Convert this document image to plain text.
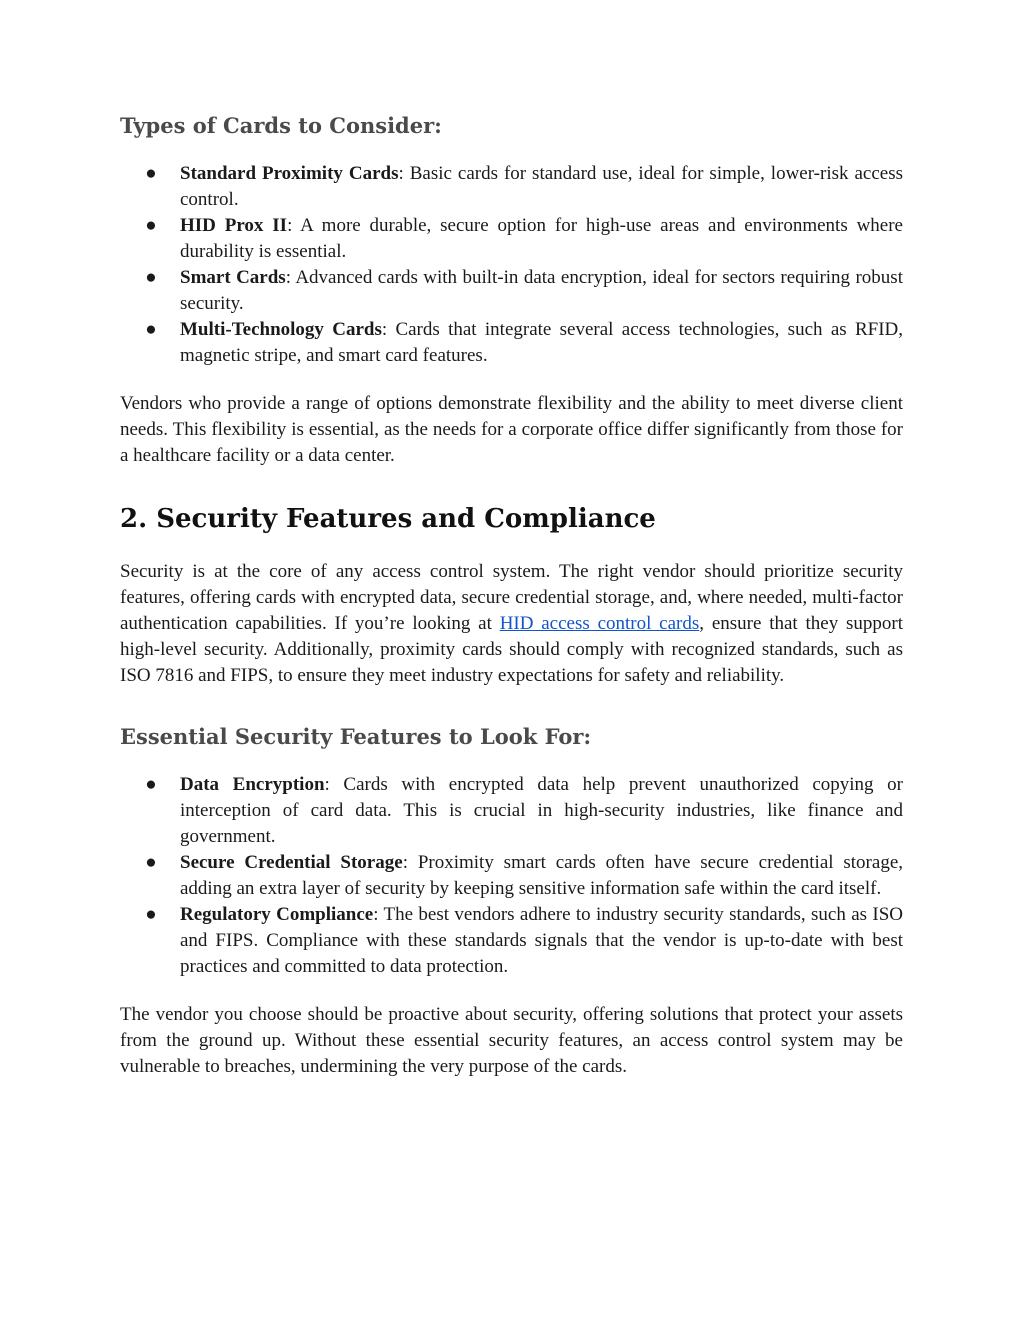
Types of Cards to Consider:
● Standard Proximity Cards: Basic cards for standard use, ideal for simple, lower-risk access control.
● HID Prox II: A more durable, secure option for high-use areas and environments where durability is essential.
● Smart Cards: Advanced cards with built-in data encryption, ideal for sectors requiring robust security.
● Multi-Technology Cards: Cards that integrate several access technologies, such as RFID, magnetic stripe, and smart card features.

Vendors who provide a range of options demonstrate flexibility and the ability to meet diverse client needs. This flexibility is essential, as the needs for a corporate office differ significantly from those for a healthcare facility or a data center.

2. Security Features and Compliance

Security is at the core of any access control system. The right vendor should prioritize security features, offering cards with encrypted data, secure credential storage, and, where needed, multi-factor authentication capabilities. If you’re looking at HID access control cards, ensure that they support high-level security. Additionally, proximity cards should comply with recognized standards, such as ISO 7816 and FIPS, to ensure they meet industry expectations for safety and reliability.

Essential Security Features to Look For:
● Data Encryption: Cards with encrypted data help prevent unauthorized copying or interception of card data. This is crucial in high-security industries, like finance and government.
● Secure Credential Storage: Proximity smart cards often have secure credential storage, adding an extra layer of security by keeping sensitive information safe within the card itself.
● Regulatory Compliance: The best vendors adhere to industry security standards, such as ISO and FIPS. Compliance with these standards signals that the vendor is up-to-date with best practices and committed to data protection.

The vendor you choose should be proactive about security, offering solutions that protect your assets from the ground up. Without these essential security features, an access control system may be vulnerable to breaches, undermining the very purpose of the cards.
